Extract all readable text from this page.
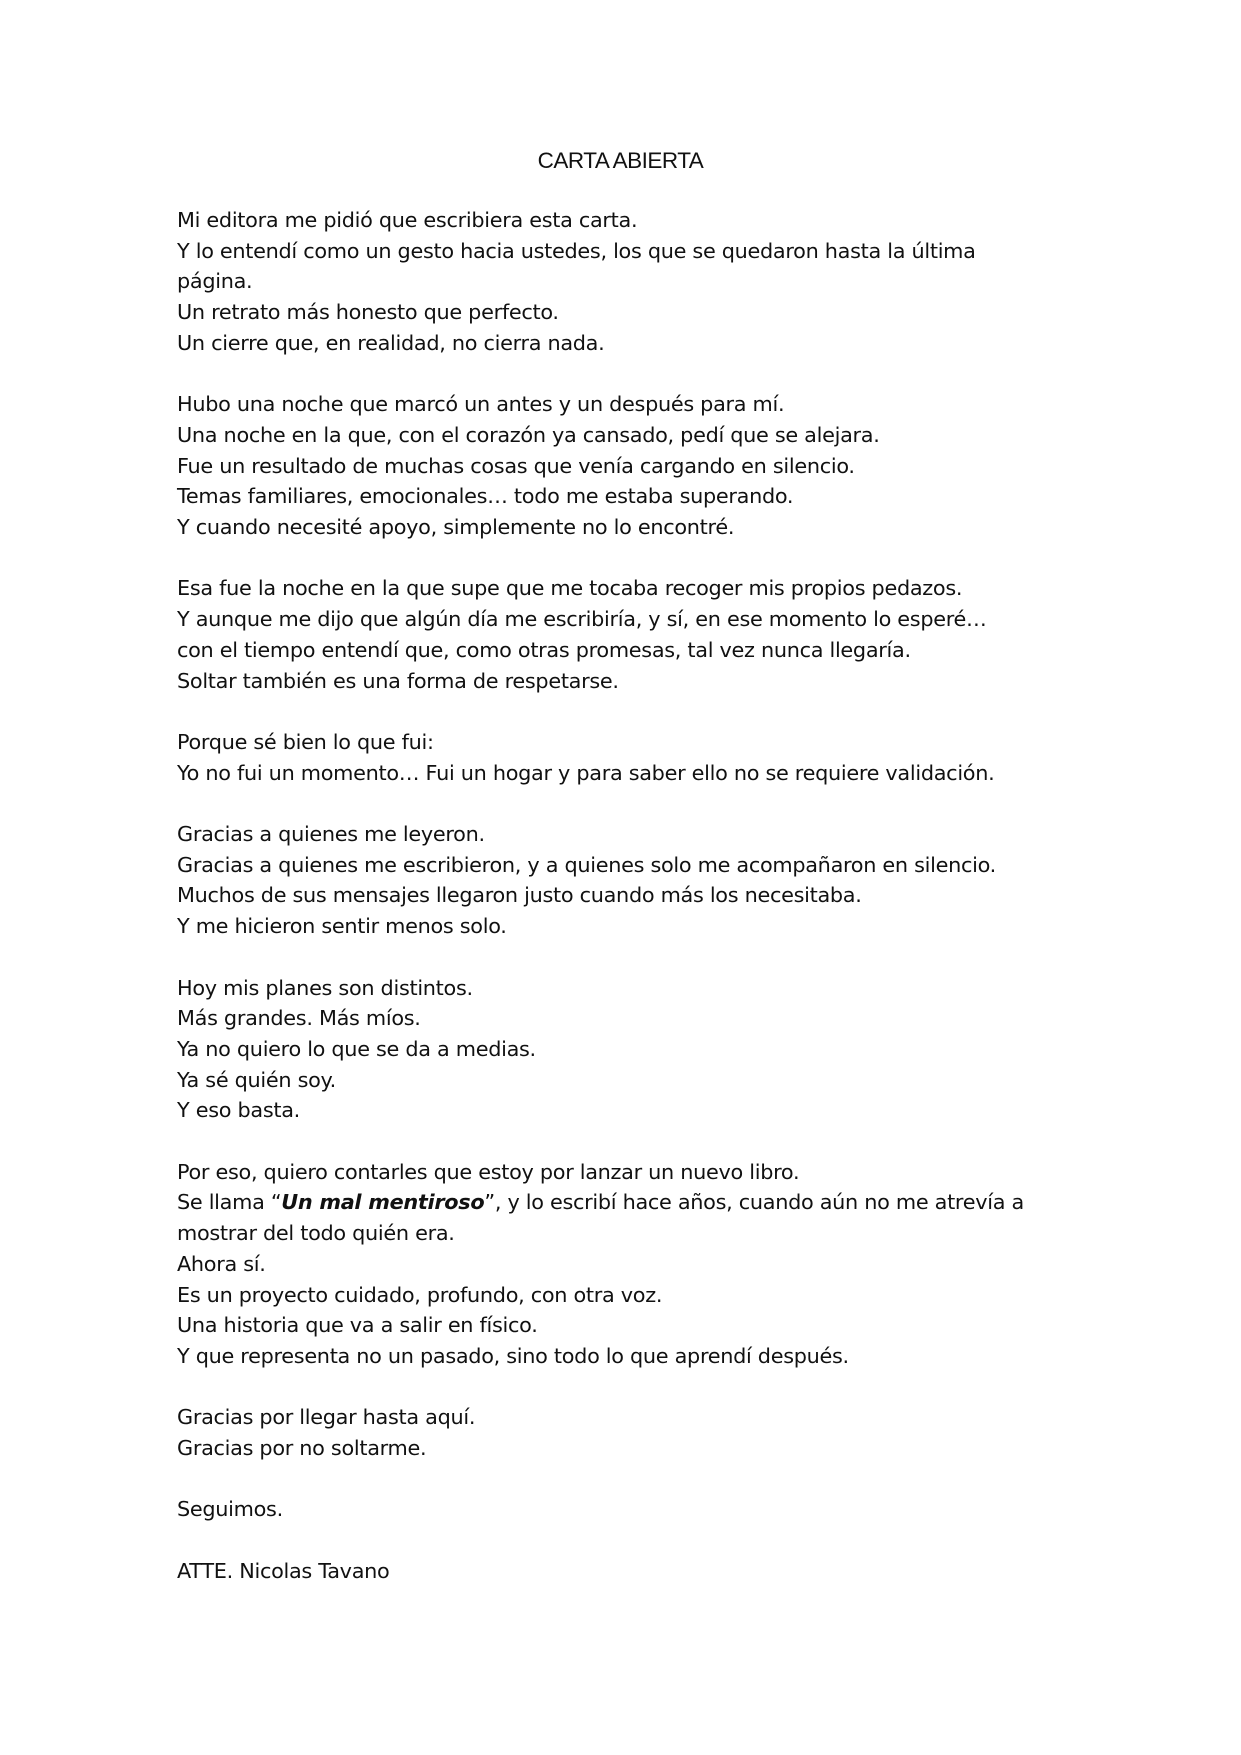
CARTA ABIERTA

Mi editora me pidió que escribiera esta carta.
Y lo entendí como un gesto hacia ustedes, los que se quedaron hasta la última
página.
Un retrato más honesto que perfecto.
Un cierre que, en realidad, no cierra nada.

Hubo una noche que marcó un antes y un después para mí.
Una noche en la que, con el corazón ya cansado, pedí que se alejara.
Fue un resultado de muchas cosas que venía cargando en silencio.
Temas familiares, emocionales… todo me estaba superando.
Y cuando necesité apoyo, simplemente no lo encontré.

Esa fue la noche en la que supe que me tocaba recoger mis propios pedazos.
Y aunque me dijo que algún día me escribiría, y sí, en ese momento lo esperé…
con el tiempo entendí que, como otras promesas, tal vez nunca llegaría.
Soltar también es una forma de respetarse.

Porque sé bien lo que fui:
Yo no fui un momento… Fui un hogar y para saber ello no se requiere validación.

Gracias a quienes me leyeron.
Gracias a quienes me escribieron, y a quienes solo me acompañaron en silencio.
Muchos de sus mensajes llegaron justo cuando más los necesitaba.
Y me hicieron sentir menos solo.

Hoy mis planes son distintos.
Más grandes. Más míos.
Ya no quiero lo que se da a medias.
Ya sé quién soy.
Y eso basta.

Por eso, quiero contarles que estoy por lanzar un nuevo libro.
Se llama “Un mal mentiroso”, y lo escribí hace años, cuando aún no me atrevía a
mostrar del todo quién era.
Ahora sí.
Es un proyecto cuidado, profundo, con otra voz.
Una historia que va a salir en físico.
Y que representa no un pasado, sino todo lo que aprendí después.

Gracias por llegar hasta aquí.
Gracias por no soltarme.

Seguimos.

ATTE. Nicolas Tavano
